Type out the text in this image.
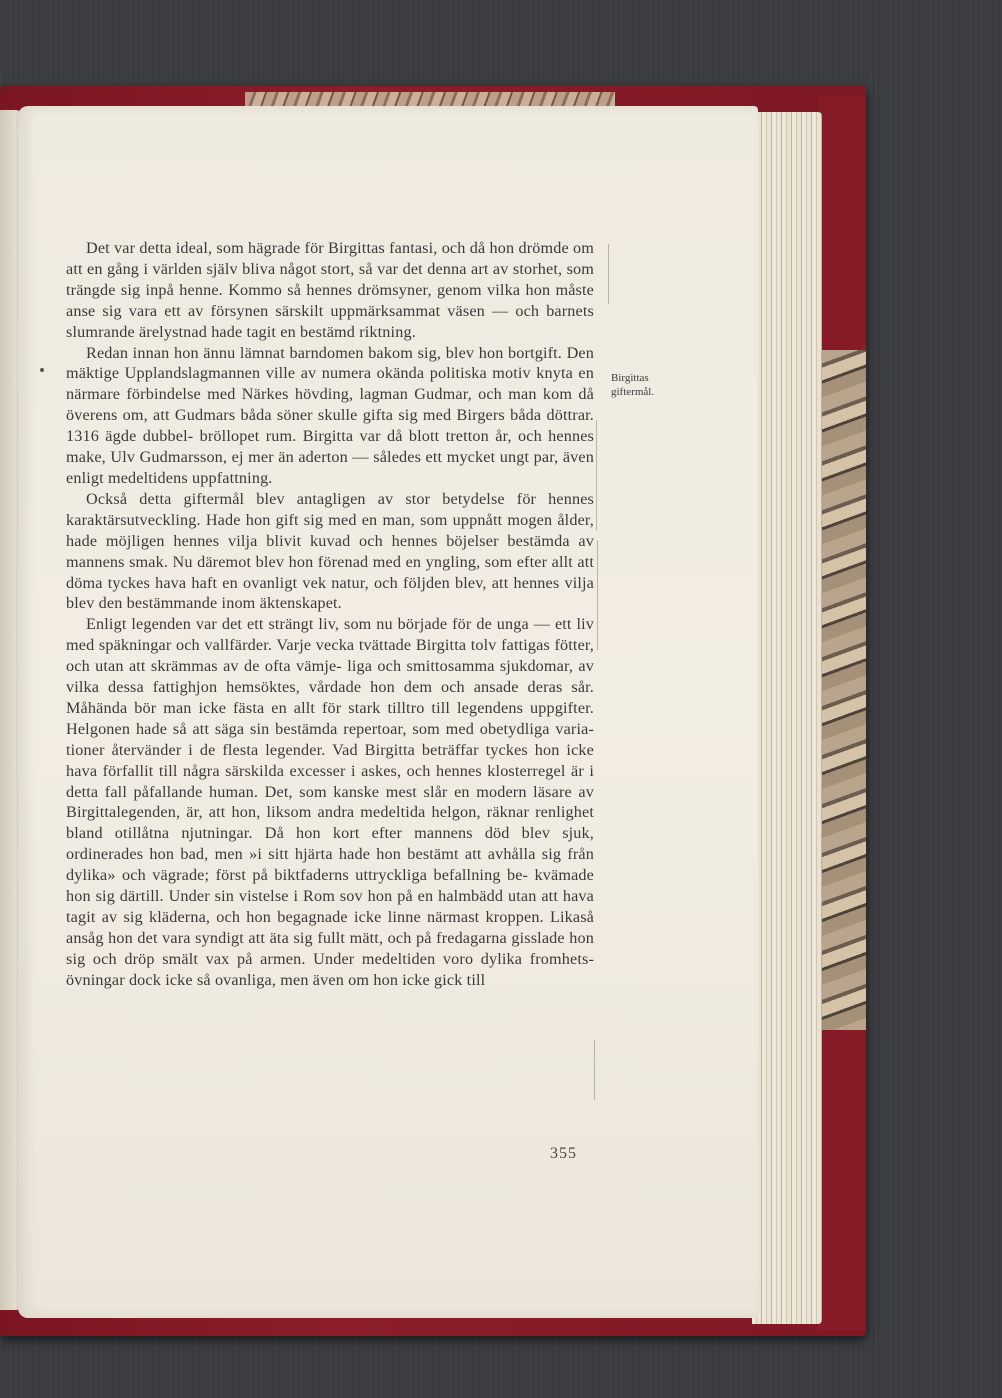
Det var detta ideal, som hägrade för Birgittas fantasi, och då hon drömde om att en gång i världen själv bliva något stort, så var det denna art av storhet, som trängde sig inpå henne. Kommo så hennes drömsyner, genom vilka hon måste anse sig vara ett av försynen särskilt uppmärksammat väsen — och barnets slumrande ärelystnad hade tagit en bestämd riktning.

Redan innan hon ännu lämnat barndomen bakom sig, blev hon bortgift. Den mäktige Upplandslagmannen ville av numera okända politiska motiv knyta en närmare förbindelse med Närkes hövding, lagman Gudmar, och man kom då överens om, att Gudmars båda söner skulle gifta sig med Birgers båda döttrar. 1316 ägde dubbel- bröllopet rum. Birgitta var då blott tretton år, och hennes make, Ulv Gudmarsson, ej mer än aderton — således ett mycket ungt par, även enligt medeltidens uppfattning.

Också detta giftermål blev antagligen av stor betydelse för hennes karaktärsutveckling. Hade hon gift sig med en man, som uppnått mogen ålder, hade möjligen hennes vilja blivit kuvad och hennes böjelser bestämda av mannens smak. Nu däremot blev hon förenad med en yngling, som efter allt att döma tyckes hava haft en ovanligt vek natur, och följden blev, att hennes vilja blev den bestämmande inom äktenskapet.

Enligt legenden var det ett strängt liv, som nu började för de unga — ett liv med späkningar och vallfärder. Varje vecka tvättade Birgitta tolv fattigas fötter, och utan att skrämmas av de ofta vämje- liga och smittosamma sjukdomar, av vilka dessa fattighjon hemsöktes, vårdade hon dem och ansade deras sår. Måhända bör man icke fästa en allt för stark tilltro till legendens uppgifter. Helgonen hade så att säga sin bestämda repertoar, som med obetydliga varia- tioner återvänder i de flesta legender. Vad Birgitta beträffar tyckes hon icke hava förfallit till några särskilda excesser i askes, och hennes klosterregel är i detta fall påfallande human. Det, som kanske mest slår en modern läsare av Birgittalegenden, är, att hon, liksom andra medeltida helgon, räknar renlighet bland otillåtna njutningar. Då hon kort efter mannens död blev sjuk, ordinerades hon bad, men »i sitt hjärta hade hon bestämt att avhålla sig från dylika» och vägrade; först på biktfaderns uttryckliga befallning be- kvämade hon sig därtill. Under sin vistelse i Rom sov hon på en halmbädd utan att hava tagit av sig kläderna, och hon begagnade icke linne närmast kroppen. Likaså ansåg hon det vara syndigt att äta sig fullt mätt, och på fredagarna gisslade hon sig och dröp smält vax på armen. Under medeltiden voro dylika fromhets- övningar dock icke så ovanliga, men även om hon icke gick till

Birgittas
giftermål.
355
